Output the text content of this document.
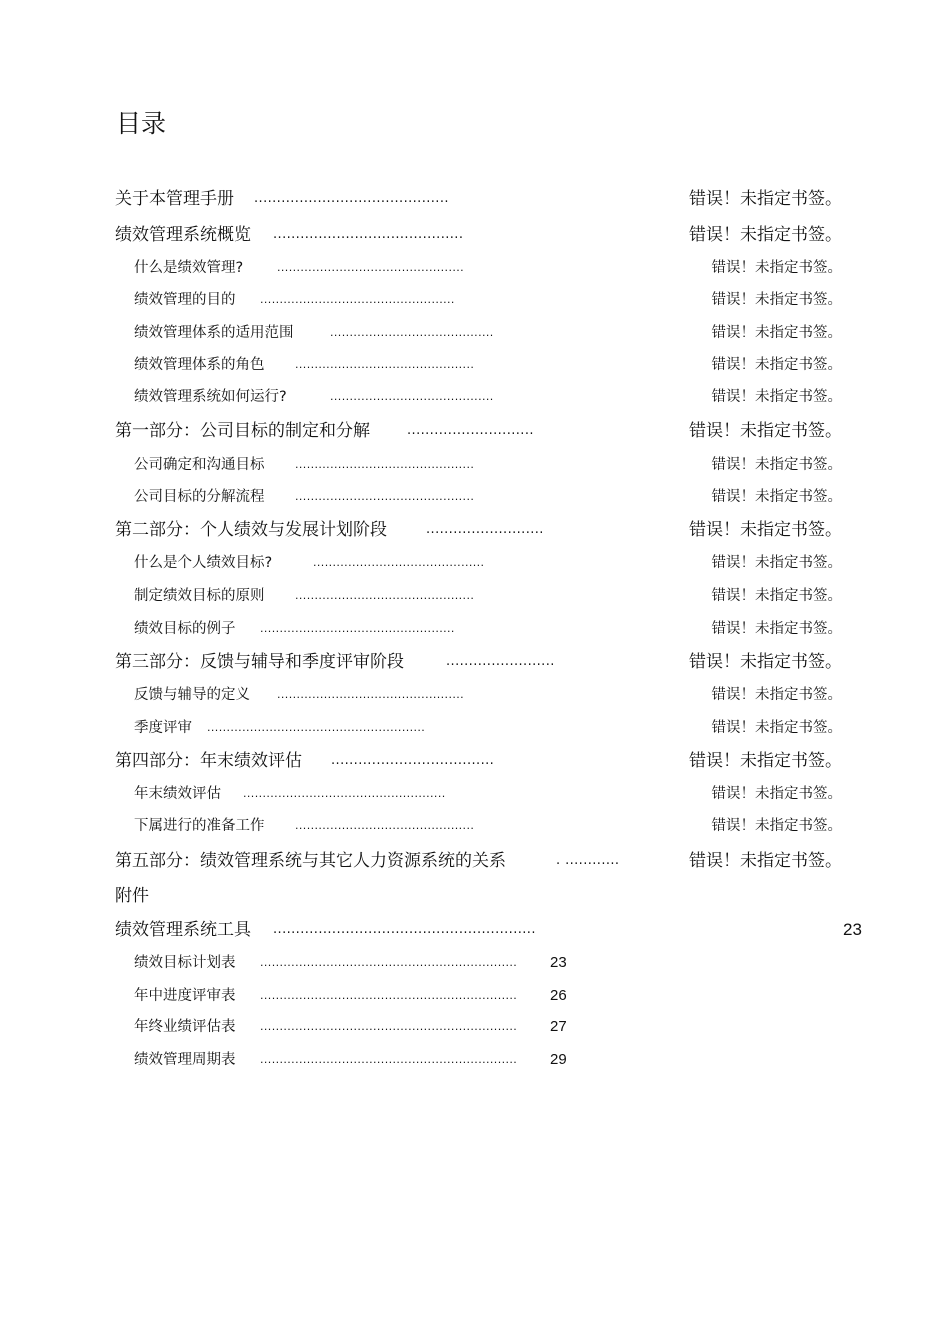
目录
关于本管理手册 ...........................................	错误！未指定书签。
绩效管理系统概览 ..........................................	错误！未指定书签。
什么是绩效管理?	................................................	错误！未指定书签。
绩效管理的目的 ..................................................	错误！未指定书签。
绩效管理体系的适用范围	..........................................	错误！未指定书签。
绩效管理体系的角色	..............................................	错误！未指定书签。
绩效管理系统如何运行?	..........................................	错误！未指定书签。
第一部分：公司目标的制定和分解	............................	错误！未指定书签。
公司确定和沟通目标	..............................................	错误！未指定书签。
公司目标的分解流程	..............................................	错误！未指定书签。
第二部分：个人绩效与发展计划阶段	..........................	错误！未指定书签。
什么是个人绩效目标?	............................................	错误！未指定书签。
制定绩效目标的原则	..............................................	错误！未指定书签。
绩效目标的例子 ..................................................	错误！未指定书签。
第三部分：反馈与辅导和季度评审阶段	........................	错误！未指定书签。
反馈与辅导的定义 ................................................	错误！未指定书签。
季度评审 ........................................................	错误！未指定书签。
第四部分：年末绩效评估 ....................................	错误！未指定书签。
年末绩效评估 ....................................................	错误！未指定书签。
下属进行的准备工作	..............................................	错误！未指定书签。
第五部分：绩效管理系统与其它人力资源系统的关系	. ............	错误！未指定书签。
附件
绩效管理系统工具 ..........................................................	23
绩效目标计划表 ..................................................................	23
年中进度评审表 ..................................................................	26
年终业绩评估表 ..................................................................	27
绩效管理周期表 ..................................................................	29
